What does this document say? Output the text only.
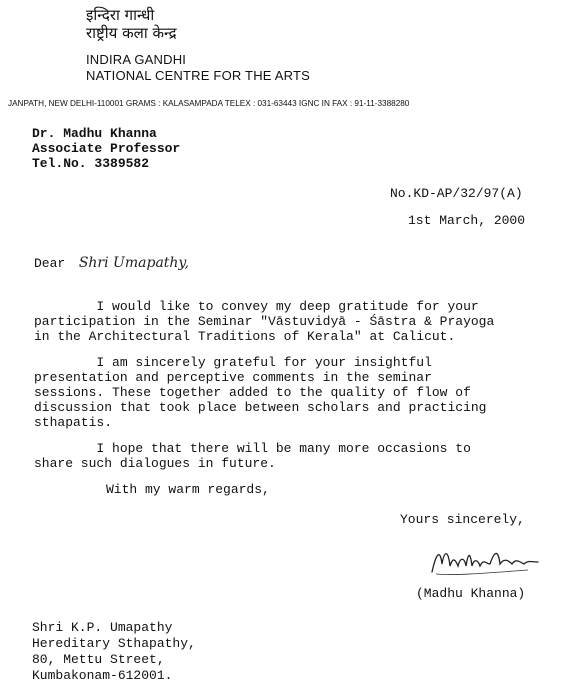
इन्दिरा गान्धी
राष्ट्रीय कला केन्द्र
INDIRA GANDHI
NATIONAL CENTRE FOR THE ARTS
JANPATH, NEW DELHI-110001 GRAMS : KALASAMPADA TELEX : 031-63443 IGNC IN FAX : 91-11-3388280
Dr. Madhu Khanna
Associate Professor
Tel.No. 3389582
No.KD-AP/32/97(A)
1st March, 2000
Dear Shri Umapathy,
I would like to convey my deep gratitude for your
participation in the Seminar "Vāstuvidyā - Śāstra & Prayoga
in the Architectural Traditions of Kerala" at Calicut.
I am sincerely grateful for your insightful
presentation and perceptive comments in the seminar
sessions. These together added to the quality of flow of
discussion that took place between scholars and practicing
sthapatis.
I hope that there will be many more occasions to
share such dialogues in future.
With my warm regards,
Yours sincerely,
(Madhu Khanna)
Shri K.P. Umapathy
Hereditary Sthapathy,
80, Mettu Street,
Kumbakonam-612001.
